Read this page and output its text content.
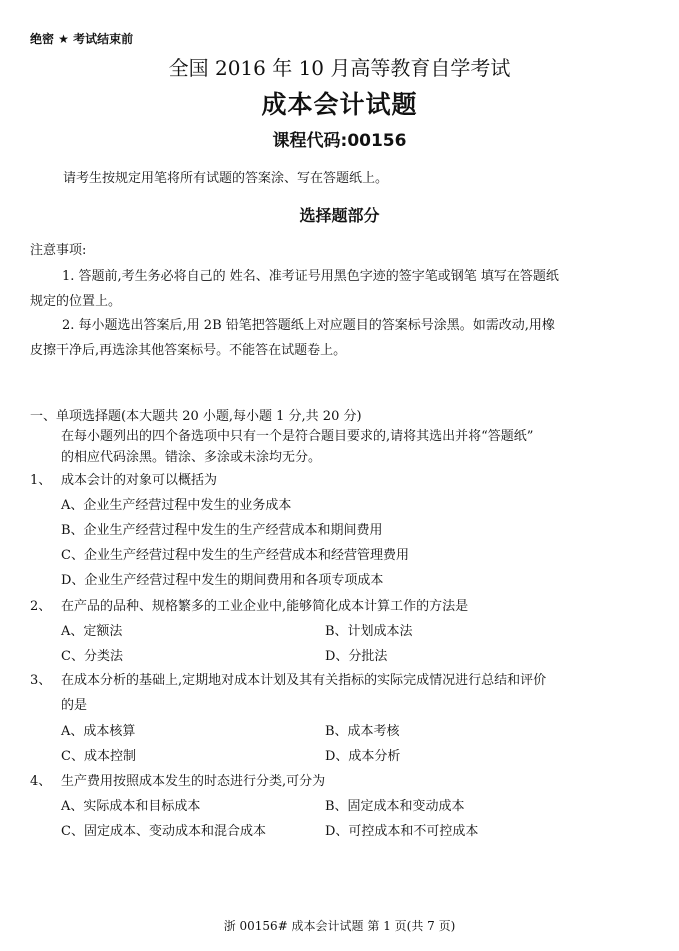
绝密 ★ 考试结束前
全国 2016 年 10 月高等教育自学考试
成本会计试题
课程代码:00156
请考生按规定用笔将所有试题的答案涂、写在答题纸上。
选择题部分
注意事项:
1. 答题前,考生务必将自己的 姓名、准考证号用黑色字迹的签字笔或钢笔 填写在答题纸
规定的位置上。
2. 每小题选出答案后,用 2B 铅笔把答题纸上对应题目的答案标号涂黑。如需改动,用橡
皮擦干净后,再选涂其他答案标号。不能答在试题卷上。
一、单项选择题(本大题共 20 小题,每小题 1 分,共 20 分)
在每小题列出的四个备选项中只有一个是符合题目要求的,请将其选出并将“答题纸”
的相应代码涂黑。错涂、多涂或未涂均无分。
1、 成本会计的对象可以概括为
A、企业生产经营过程中发生的业务成本
B、企业生产经营过程中发生的生产经营成本和期间费用
C、企业生产经营过程中发生的生产经营成本和经营管理费用
D、企业生产经营过程中发生的期间费用和各项专项成本
2、 在产品的品种、规格繁多的工业企业中,能够简化成本计算工作的方法是
A、定额法	B、计划成本法
C、分类法	D、分批法
3、 在成本分析的基础上,定期地对成本计划及其有关指标的实际完成情况进行总结和评价
的是
A、成本核算	B、成本考核
C、成本控制	D、成本分析
4、 生产费用按照成本发生的时态进行分类,可分为
A、实际成本和目标成本	B、固定成本和变动成本
C、固定成本、变动成本和混合成本	D、可控成本和不可控成本
浙 00156# 成本会计试题 第 1 页(共 7 页)
